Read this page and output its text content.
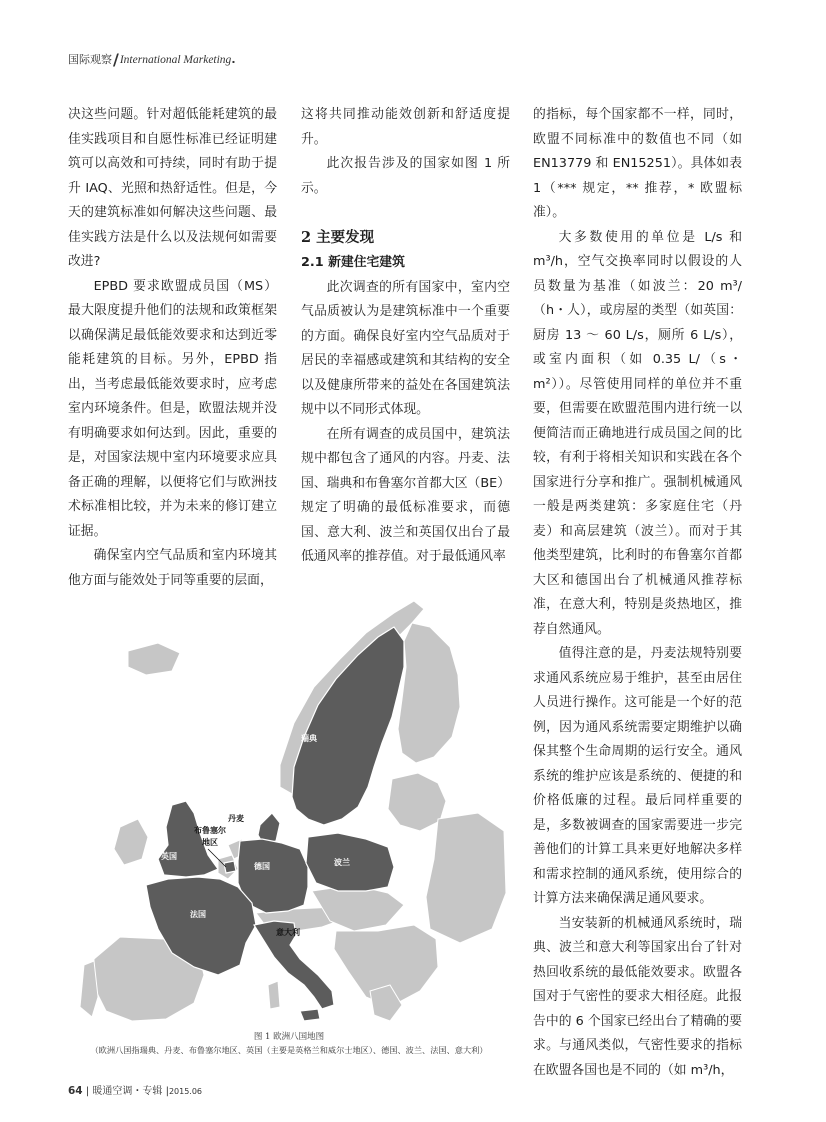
国际观察/International Marketing.

决这些问题。针对超低能耗建筑的最佳实践项目和自愿性标准已经证明建筑可以高效和可持续，同时有助于提升 IAQ、光照和热舒适性。但是，今天的建筑标准如何解决这些问题、最佳实践方法是什么以及法规何如需要改进?

EPBD 要求欧盟成员国（MS）最大限度提升他们的法规和政策框架以确保满足最低能效要求和达到近零能耗建筑的目标。另外，EPBD 指出，当考虑最低能效要求时，应考虑室内环境条件。但是，欧盟法规并没有明确要求如何达到。因此，重要的是，对国家法规中室内环境要求应具备正确的理解，以便将它们与欧洲技术标准相比较，并为未来的修订建立证据。

确保室内空气品质和室内环境其他方面与能效处于同等重要的层面，

这将共同推动能效创新和舒适度提升。

此次报告涉及的国家如图 1 所示。

2 主要发现
2.1 新建住宅建筑

此次调查的所有国家中，室内空气品质被认为是建筑标准中一个重要的方面。确保良好室内空气品质对于居民的幸福感或建筑和其结构的安全以及健康所带来的益处在各国建筑法规中以不同形式体现。

在所有调查的成员国中，建筑法规中都包含了通风的内容。丹麦、法国、瑞典和布鲁塞尔首都大区（BE）规定了明确的最低标准要求，而德国、意大利、波兰和英国仅出台了最低通风率的推荐值。对于最低通风率

的指标，每个国家都不一样，同时，欧盟不同标准中的数值也不同（如 EN13779 和 EN15251）。具体如表 1（*** 规定，** 推荐，* 欧盟标准）。

大多数使用的单位是 L/s 和 m³/h，空气交换率同时以假设的人员数量为基准（如波兰：20 m³/（h・人），或房屋的类型（如英国：厨房 13 ～ 60 L/s，厕所 6 L/s），或室内面积（如 0.35 L/（s・m²））。尽管使用同样的单位并不重要，但需要在欧盟范围内进行统一以便简洁而正确地进行成员国之间的比较，有利于将相关知识和实践在各个国家进行分享和推广。强制机械通风一般是两类建筑：多家庭住宅（丹麦）和高层建筑（波兰）。而对于其他类型建筑，比利时的布鲁塞尔首都大区和德国出台了机械通风推荐标准，在意大利，特别是炎热地区，推荐自然通风。

值得注意的是，丹麦法规特别要求通风系统应易于维护，甚至由居住人员进行操作。这可能是一个好的范例，因为通风系统需要定期维护以确保其整个生命周期的运行安全。通风系统的维护应该是系统的、便捷的和价格低廉的过程。最后同样重要的是，多数被调查的国家需要进一步完善他们的计算工具来更好地解决多样和需求控制的通风系统，使用综合的计算方法来确保满足通风要求。

当安装新的机械通风系统时，瑞典、波兰和意大利等国家出台了针对热回收系统的最低能效要求。欧盟各国对于气密性的要求大相径庭。此报告中的 6 个国家已经出台了精确的要求。与通风类似，气密性要求的指标在欧盟各国也是不同的（如 m³/h，

瑞典
丹麦
布鲁塞尔
地区
英国
德国	波兰
法国
意大利
图 1 欧洲八国地图
（欧洲八国指瑞典、丹麦、布鲁塞尔地区、英国（主要是英格兰和威尔士地区）、德国、波兰、法国、意大利）
64 | 暖通空调・专辑 |2015.06
